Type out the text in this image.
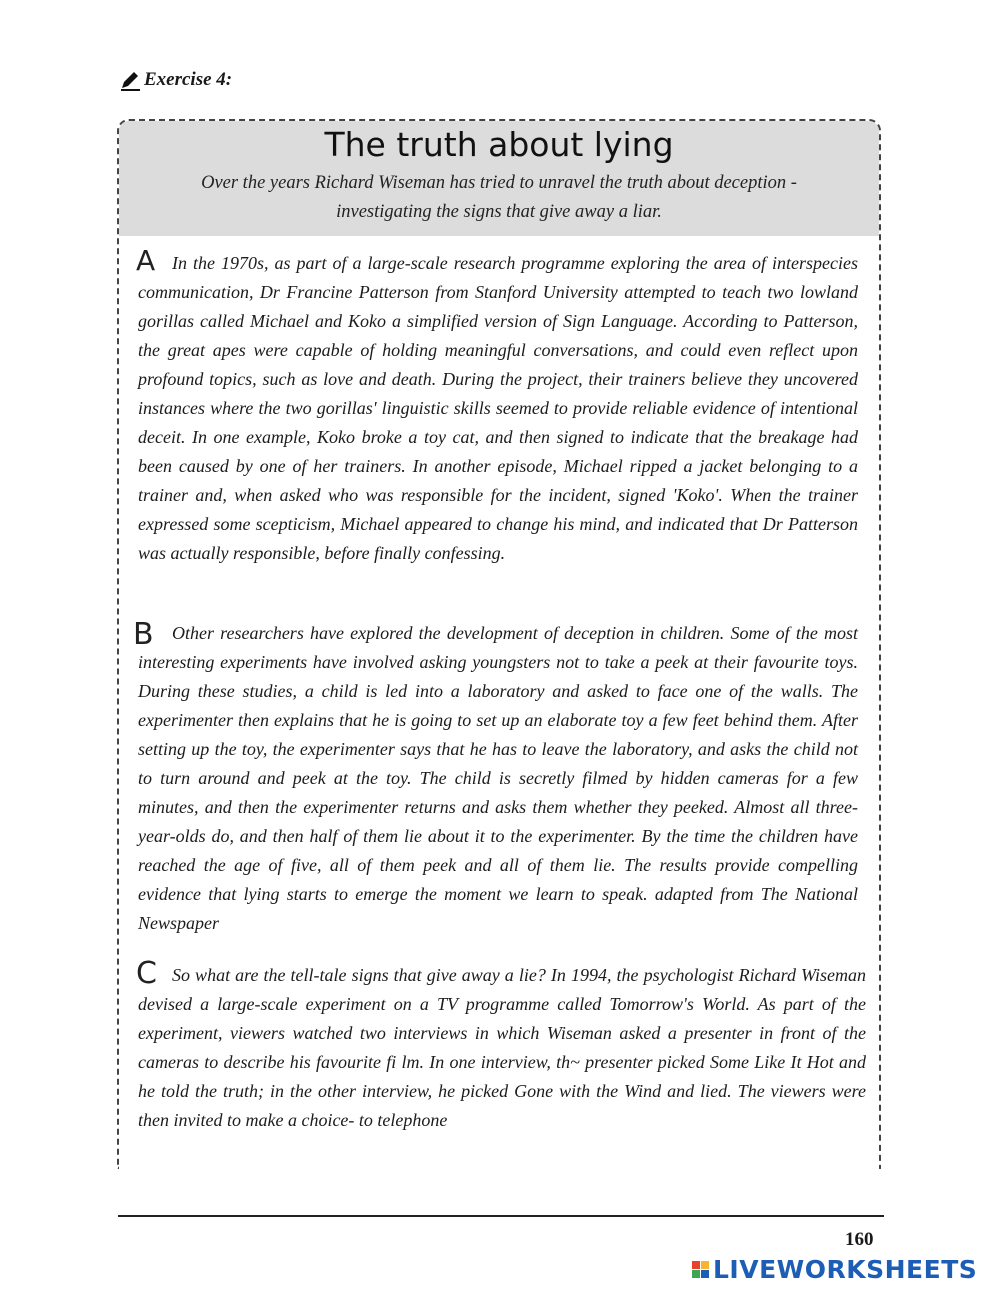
Exercise 4:
The truth about lying
Over the years Richard Wiseman has tried to unravel the truth about deception -
investigating the signs that give away a liar.
A In the 1970s, as part of a large-scale research programme exploring the area of interspecies communication, Dr Francine Patterson from Stanford University attempted to teach two lowland gorillas called Michael and Koko a simplified version of Sign Language. According to Patterson, the great apes were capable of holding meaningful conversations, and could even reflect upon profound topics, such as love and death. During the project, their trainers believe they uncovered instances where the two gorillas' linguistic skills seemed to provide reliable evidence of intentional deceit. In one example, Koko broke a toy cat, and then signed to indicate that the breakage had been caused by one of her trainers. In another episode, Michael ripped a jacket belonging to a trainer and, when asked who was responsible for the incident, signed 'Koko'. When the trainer expressed some scepticism, Michael appeared to change his mind, and indicated that Dr Patterson was actually responsible, before finally confessing.

B	Other researchers have explored the development of deception in children. Some of the most interesting experiments have involved asking youngsters not to take a peek at their favourite toys. During these studies, a child is led into a laboratory and asked to face one of the walls. The experimenter then explains that he is going to set up an elaborate toy a few feet behind them. After setting up the toy, the experimenter says that he has to leave the laboratory, and asks the child not to turn around and peek at the toy. The child is secretly filmed by hidden cameras for a few minutes, and then the experimenter returns and asks them whether they peeked. Almost all three-year-olds do, and then half of them lie about it to the experimenter. By the time the children have reached the age of five, all of them peek and all of them lie. The results provide compelling evidence that lying starts to emerge the moment we learn to speak. adapted from The National Newspaper

C So what are the tell-tale signs that give away a lie? In 1994, the psychologist Richard Wiseman devised a large-scale experiment on a TV programme called Tomorrow's World. As part of the experiment, viewers watched two interviews in which Wiseman asked a presenter in front of the cameras to describe his favourite fi lm. In one interview, th~ presenter picked Some Like It Hot and he told the truth; in the other interview, he picked Gone with the Wind and lied. The viewers were then invited to make a choice- to telephone

160
LIVEWORKSHEETS
